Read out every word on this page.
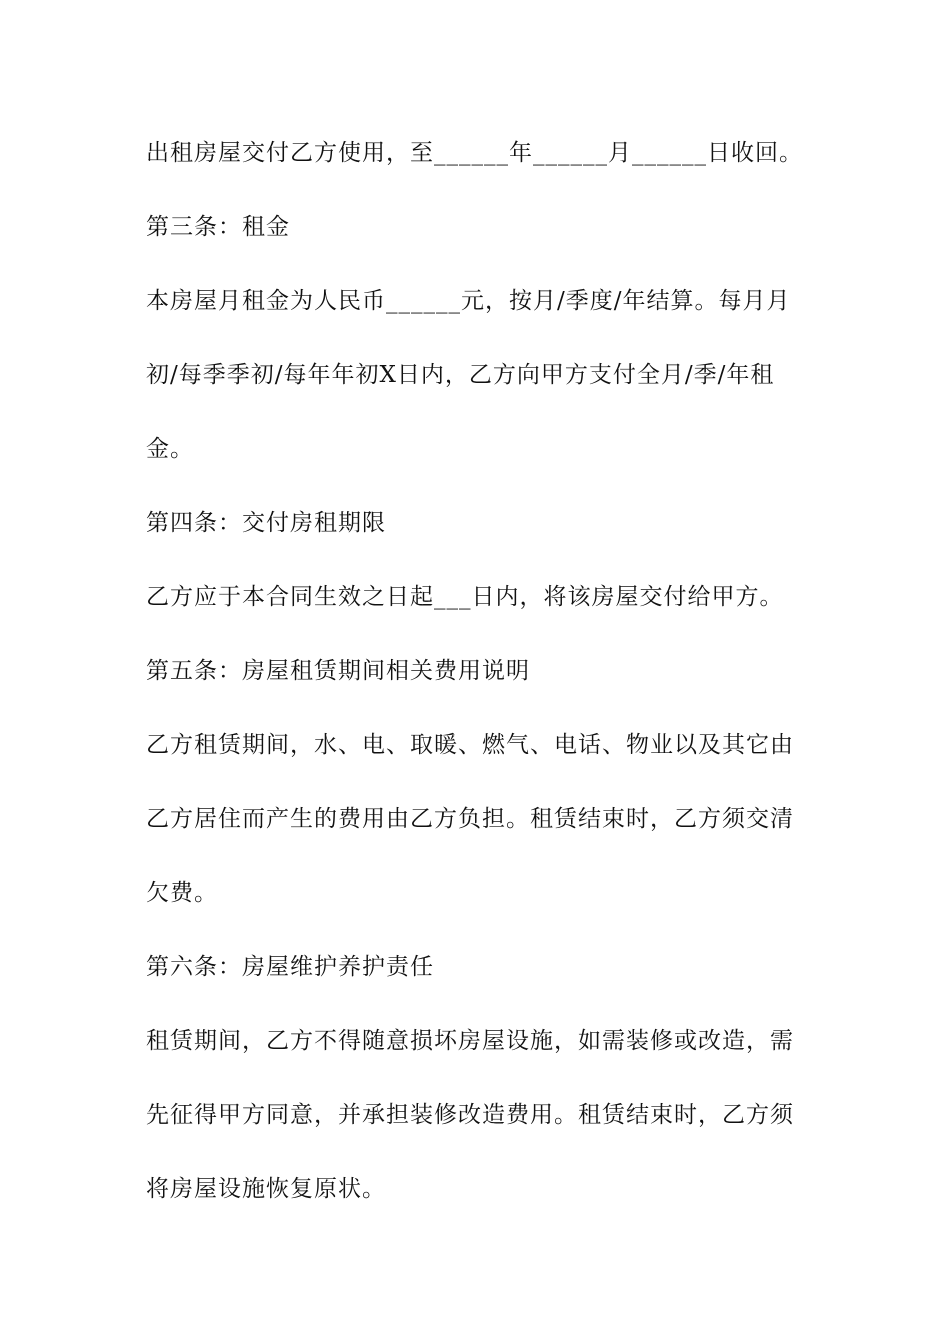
出租房屋交付乙方使用，至______年______月______日收回。
第三条：租金
本房屋月租金为人民币______元，按月/季度/年结算。每月月
初/每季季初/每年年初X日内，乙方向甲方支付全月/季/年租
金。
第四条：交付房租期限
乙方应于本合同生效之日起___日内，将该房屋交付给甲方。
第五条：房屋租赁期间相关费用说明
乙方租赁期间，水、电、取暖、燃气、电话、物业以及其它由
乙方居住而产生的费用由乙方负担。租赁结束时，乙方须交清
欠费。
第六条：房屋维护养护责任
租赁期间，乙方不得随意损坏房屋设施，如需装修或改造，需
先征得甲方同意，并承担装修改造费用。租赁结束时，乙方须
将房屋设施恢复原状。
